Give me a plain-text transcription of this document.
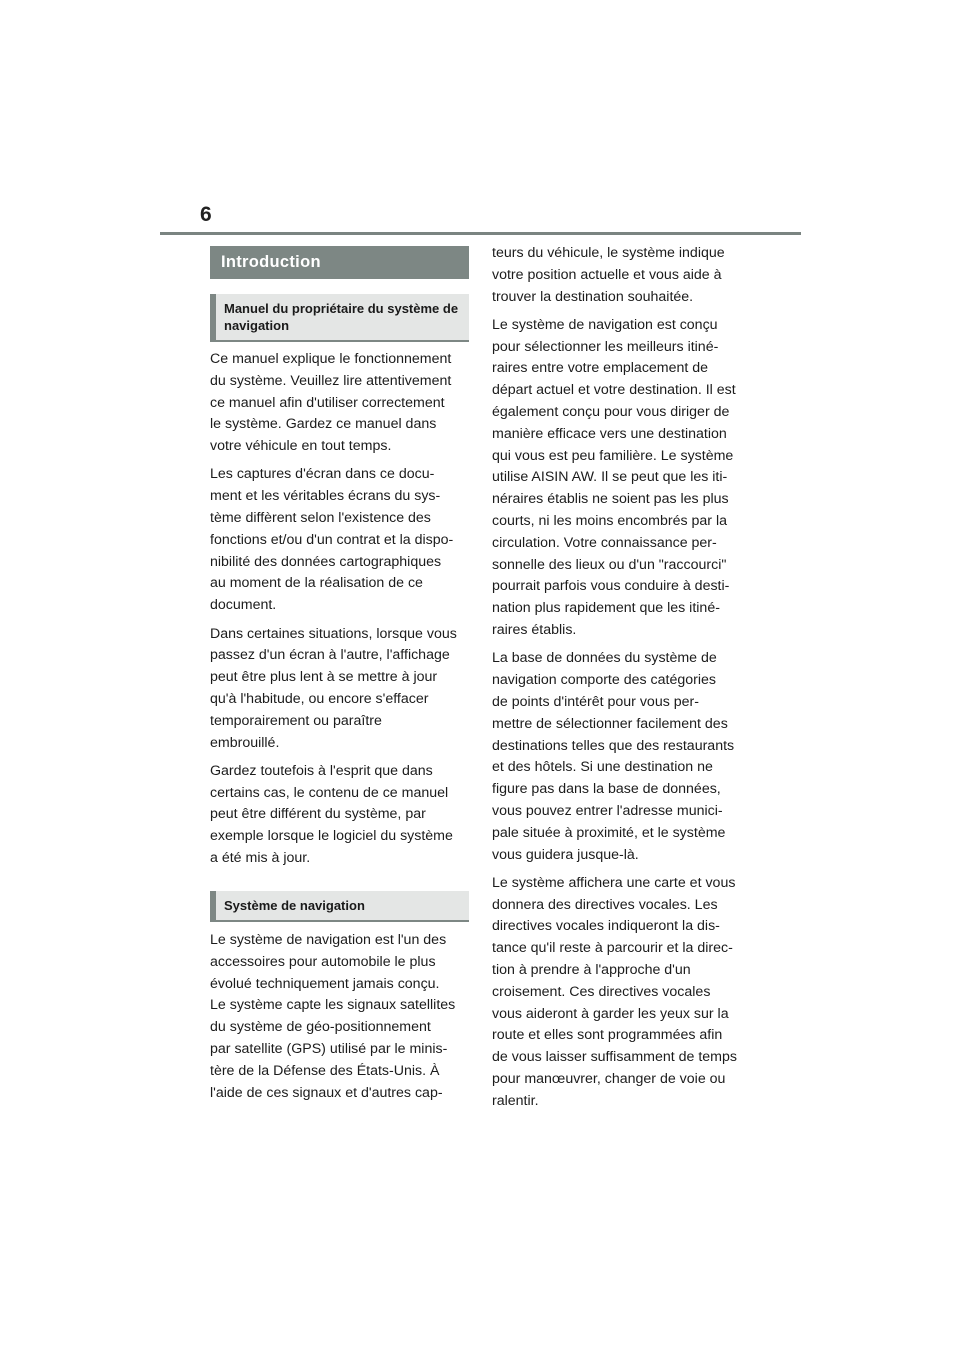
6
Introduction
Manuel du propriétaire du système de navigation

Ce manuel explique le fonctionnement
du système. Veuillez lire attentivement
ce manuel afin d'utiliser correctement
le système. Gardez ce manuel dans
votre véhicule en tout temps.

Les captures d'écran dans ce docu-
ment et les véritables écrans du sys-
tème diffèrent selon l'existence des
fonctions et/ou d'un contrat et la dispo-
nibilité des données cartographiques
au moment de la réalisation de ce
document.

Dans certaines situations, lorsque vous
passez d'un écran à l'autre, l'affichage
peut être plus lent à se mettre à jour
qu'à l'habitude, ou encore s'effacer
temporairement ou paraître
embrouillé.

Gardez toutefois à l'esprit que dans
certains cas, le contenu de ce manuel
peut être différent du système, par
exemple lorsque le logiciel du système
a été mis à jour.

Système de navigation

Le système de navigation est l'un des
accessoires pour automobile le plus
évolué techniquement jamais conçu.
Le système capte les signaux satellites
du système de géo-positionnement
par satellite (GPS) utilisé par le minis-
tère de la Défense des États-Unis. À
l'aide de ces signaux et d'autres cap-

teurs du véhicule, le système indique
votre position actuelle et vous aide à
trouver la destination souhaitée.

Le système de navigation est conçu
pour sélectionner les meilleurs itiné-
raires entre votre emplacement de
départ actuel et votre destination. Il est
également conçu pour vous diriger de
manière efficace vers une destination
qui vous est peu familière. Le système
utilise AISIN AW. Il se peut que les iti-
néraires établis ne soient pas les plus
courts, ni les moins encombrés par la
circulation. Votre connaissance per-
sonnelle des lieux ou d'un "raccourci"
pourrait parfois vous conduire à desti-
nation plus rapidement que les itiné-
raires établis.

La base de données du système de
navigation comporte des catégories
de points d'intérêt pour vous per-
mettre de sélectionner facilement des
destinations telles que des restaurants
et des hôtels. Si une destination ne
figure pas dans la base de données,
vous pouvez entrer l'adresse munici-
pale située à proximité, et le système
vous guidera jusque-là.

Le système affichera une carte et vous
donnera des directives vocales. Les
directives vocales indiqueront la dis-
tance qu'il reste à parcourir et la direc-
tion à prendre à l'approche d'un
croisement. Ces directives vocales
vous aideront à garder les yeux sur la
route et elles sont programmées afin
de vous laisser suffisamment de temps
pour manœuvrer, changer de voie ou
ralentir.
